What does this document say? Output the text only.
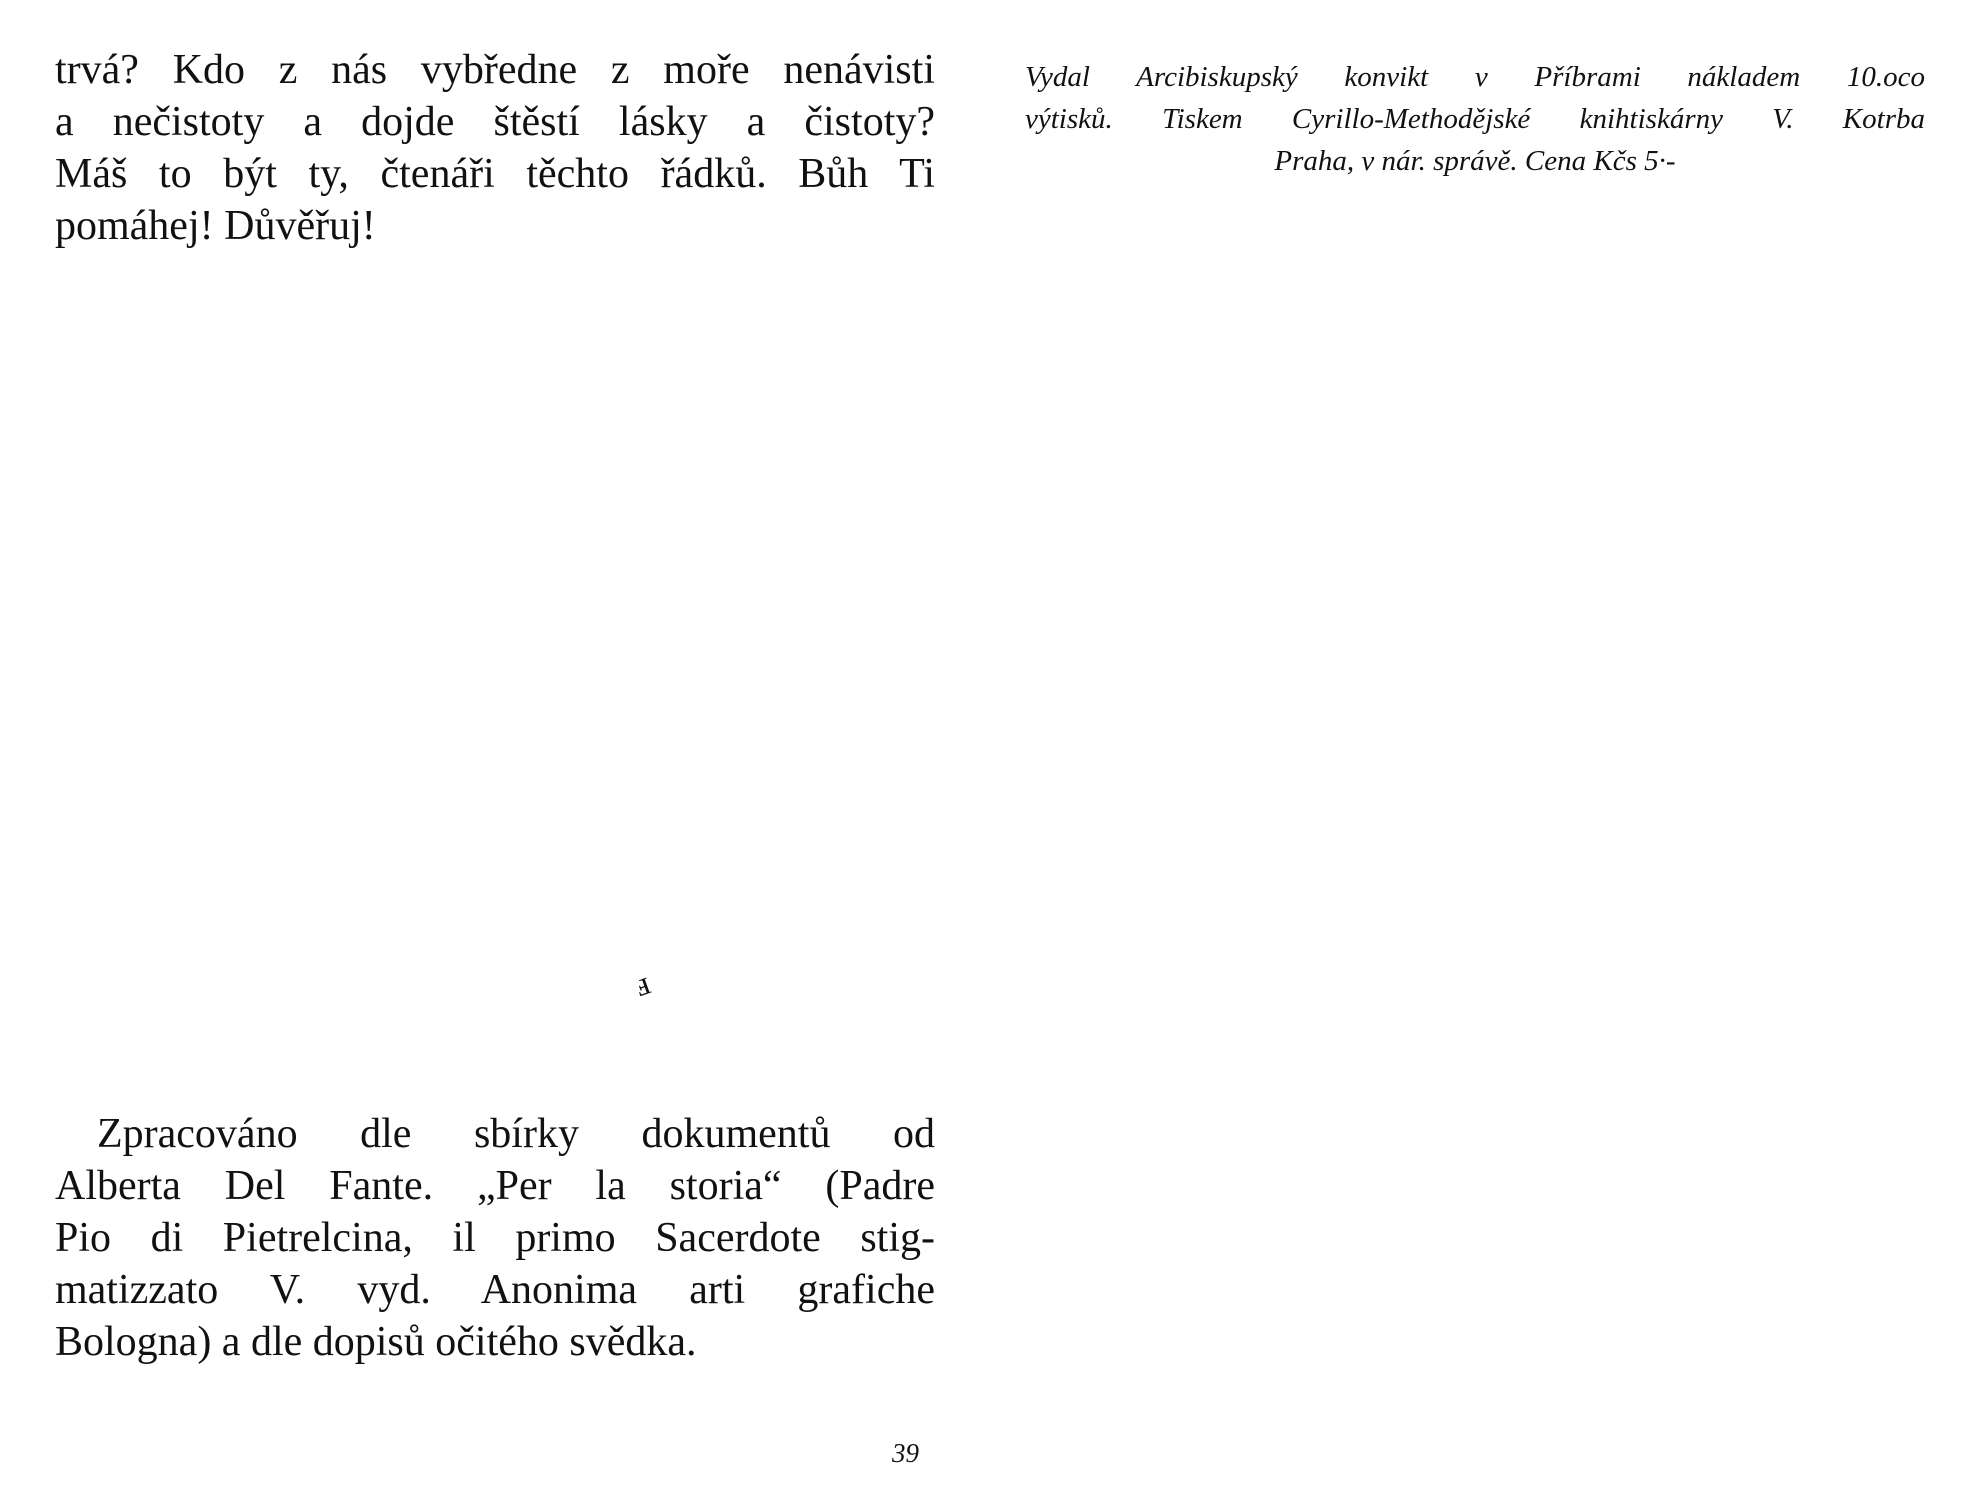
trvá? Kdo z nás vybředne z moře nenávisti
a nečistoty a dojde štěstí lásky a čistoty?
Máš to být ty, čtenáři těchto řádků. Bůh Ti
pomáhej! Důvěřuj!

ⅎ

Zpracováno dle sbírky dokumentů od
Alberta Del Fante. „Per la storia“ (Padre
Pio di Pietrelcina, il primo Sacerdote stig-
matizzato V. vyd. Anonima arti grafiche
Bologna) a dle dopisů očitého svědka.

39

Vydal Arcibiskupský konvikt v Příbrami nákladem 10.oco
výtisků. Tiskem Cyrillo-Methodějské knihtiskárny V. Kotrba
Praha, v nár. správě. Cena Kčs 5·-
